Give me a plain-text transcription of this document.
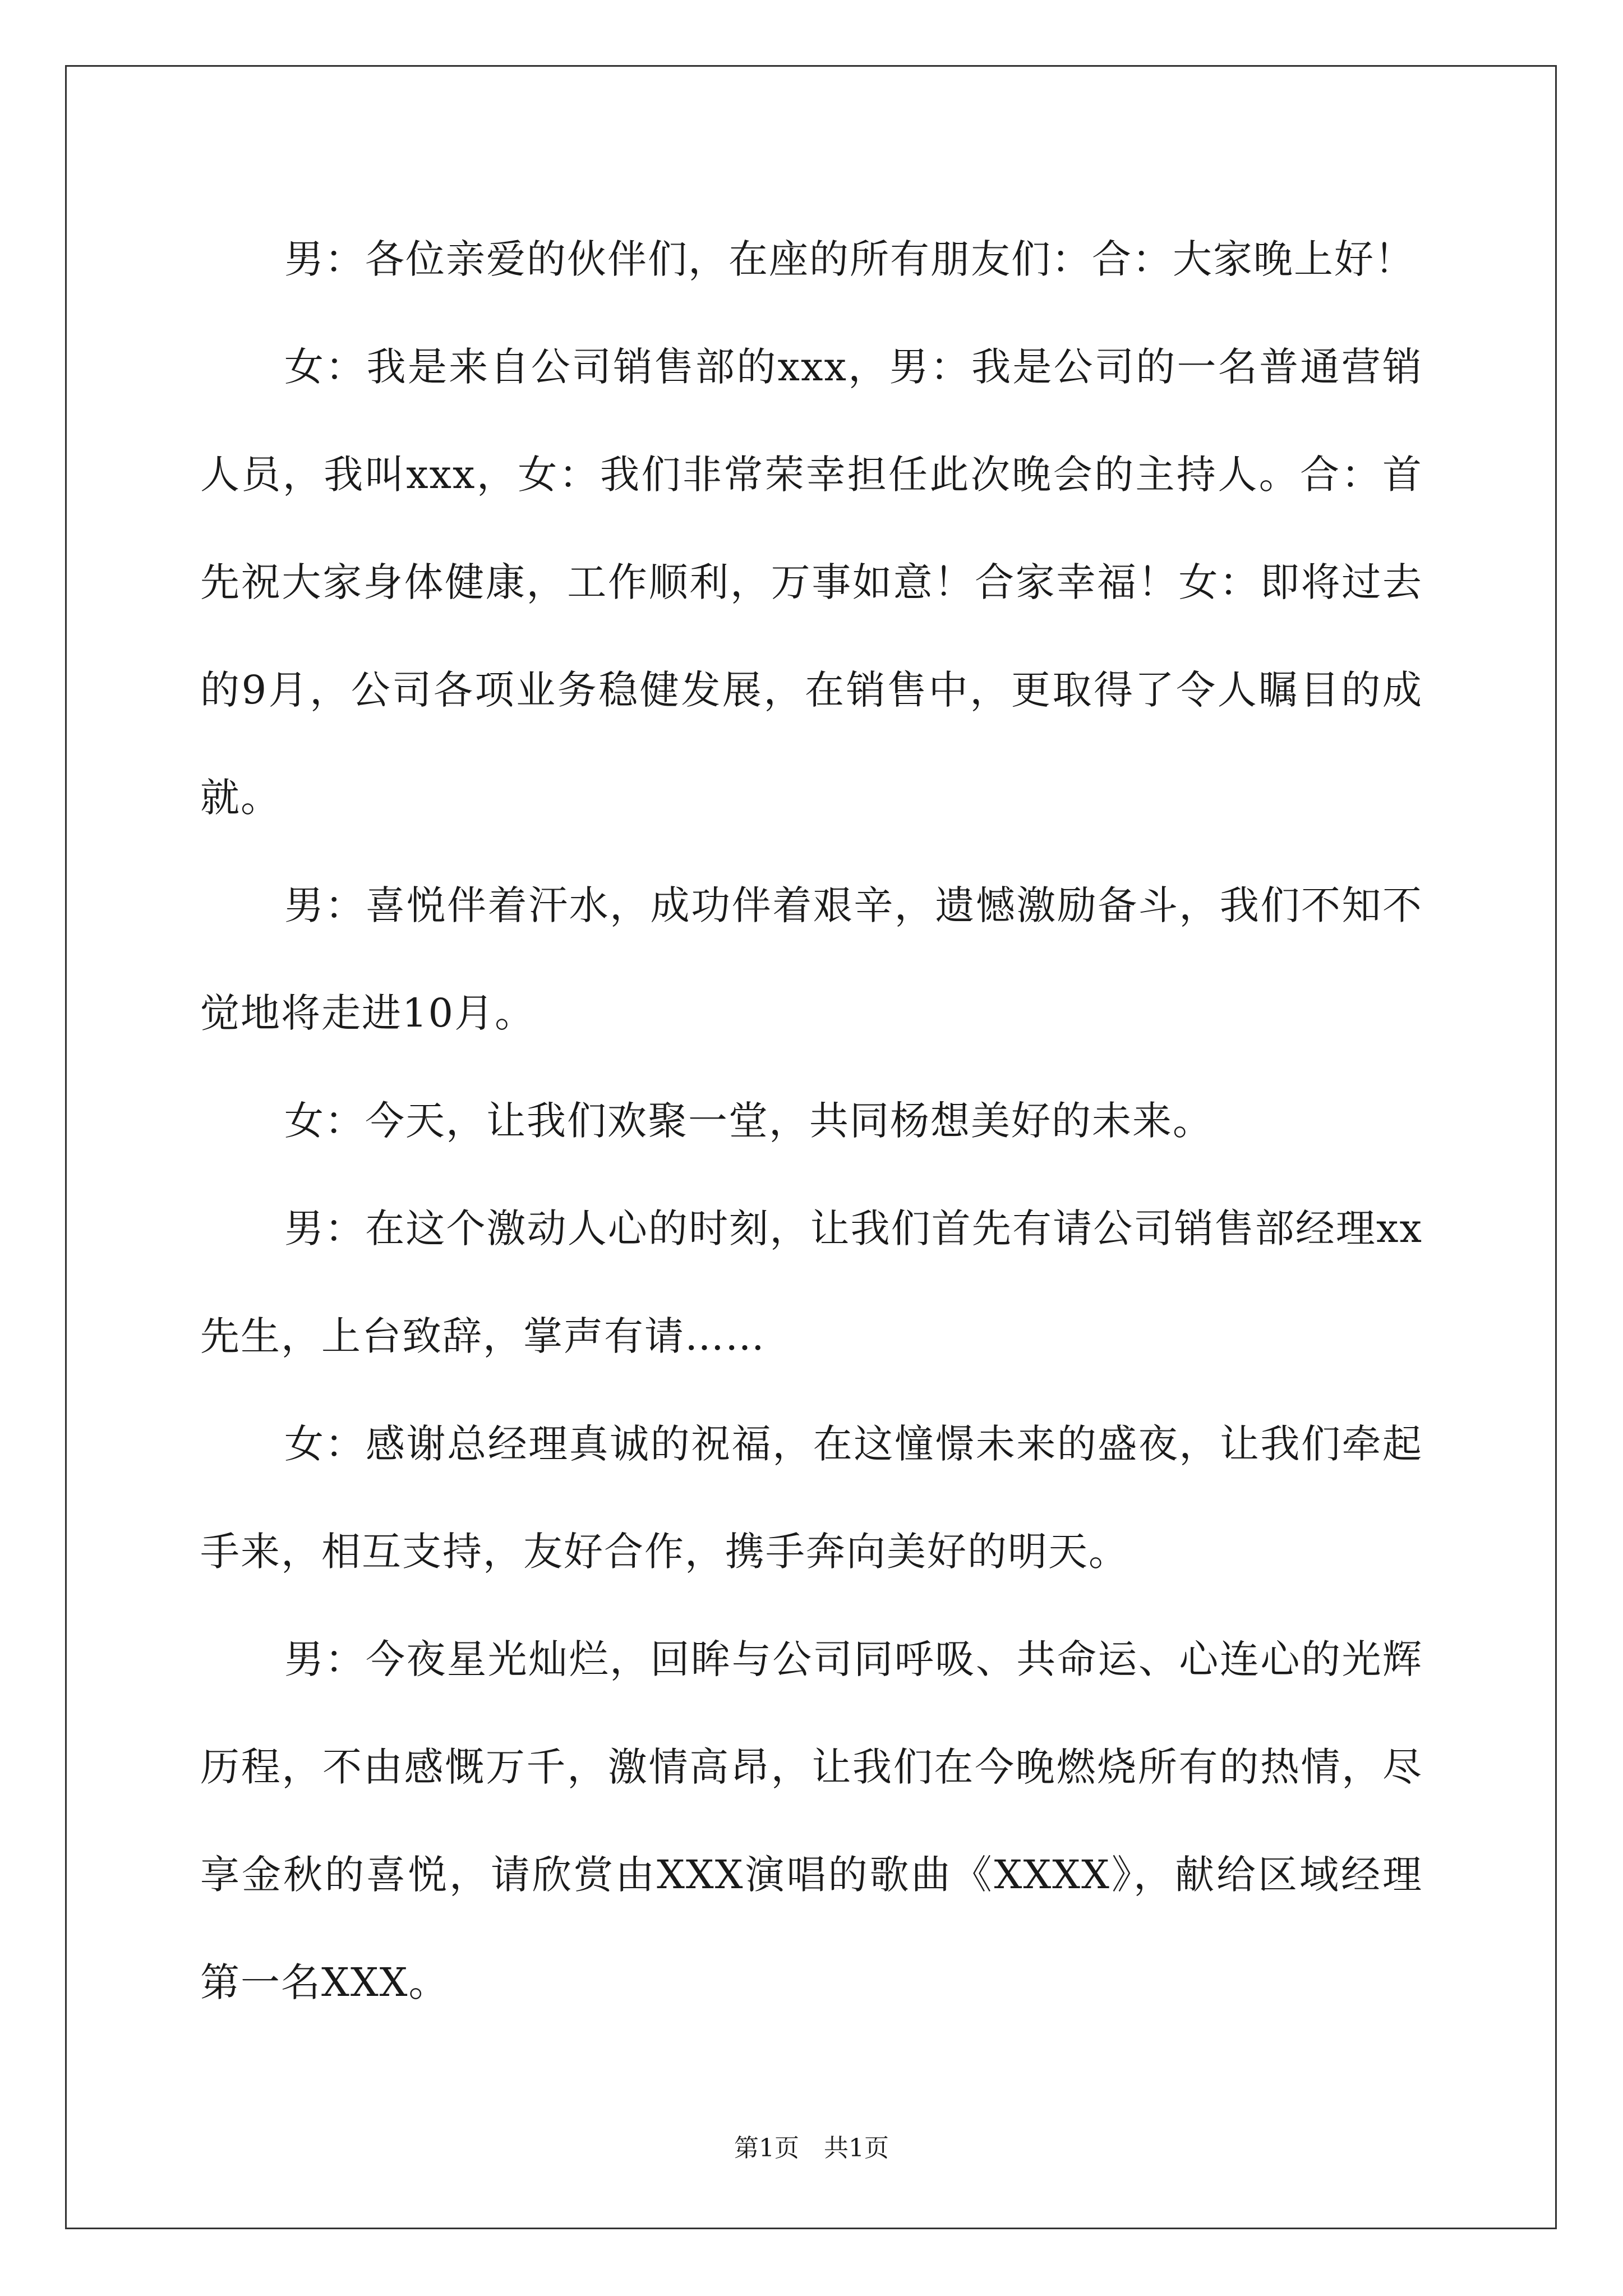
男：各位亲爱的伙伴们，在座的所有朋友们：合：大家晚上好！

女：我是来自公司销售部的xxx，男：我是公司的一名普通营销人员，我叫xxx，女：我们非常荣幸担任此次晚会的主持人。合：首先祝大家身体健康，工作顺利，万事如意！合家幸福！女：即将过去的9月，公司各项业务稳健发展，在销售中，更取得了令人瞩目的成就。

男：喜悦伴着汗水，成功伴着艰辛，遗憾激励备斗，我们不知不觉地将走进10月。

女：今天，让我们欢聚一堂，共同杨想美好的未来。

男：在这个激动人心的时刻，让我们首先有请公司销售部经理xx先生，上台致辞，掌声有请……

女：感谢总经理真诚的祝福，在这憧憬未来的盛夜，让我们牵起手来，相互支持，友好合作，携手奔向美好的明天。

男：今夜星光灿烂，回眸与公司同呼吸、共命运、心连心的光辉历程，不由感慨万千，激情高昂，让我们在今晚燃烧所有的热情，尽享金秋的喜悦，请欣赏由XXX演唱的歌曲《XXXX》，献给区域经理第一名XXX。

第1页　共1页
